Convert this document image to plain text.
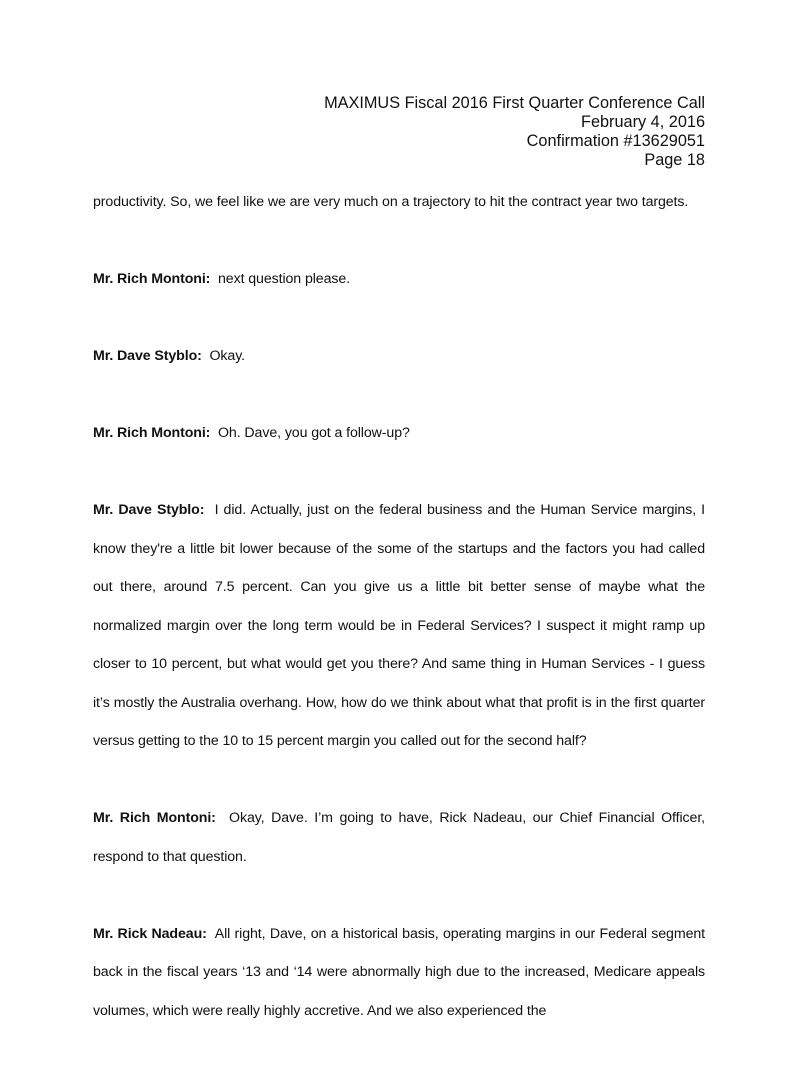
MAXIMUS Fiscal 2016 First Quarter Conference Call
February 4, 2016
Confirmation #13629051
Page 18

productivity. So, we feel like we are very much on a trajectory to hit the contract year two targets.

Mr. Rich Montoni: next question please.

Mr. Dave Styblo: Okay.

Mr. Rich Montoni: Oh. Dave, you got a follow-up?

Mr. Dave Styblo: I did. Actually, just on the federal business and the Human Service margins, I know they're a little bit lower because of the some of the startups and the factors you had called out there, around 7.5 percent. Can you give us a little bit better sense of maybe what the normalized margin over the long term would be in Federal Services? I suspect it might ramp up closer to 10 percent, but what would get you there? And same thing in Human Services - I guess it’s mostly the Australia overhang. How, how do we think about what that profit is in the first quarter versus getting to the 10 to 15 percent margin you called out for the second half?

Mr. Rich Montoni: Okay, Dave. I’m going to have, Rick Nadeau, our Chief Financial Officer, respond to that question.

Mr. Rick Nadeau: All right, Dave, on a historical basis, operating margins in our Federal segment back in the fiscal years ‘13 and ‘14 were abnormally high due to the increased, Medicare appeals volumes, which were really highly accretive. And we also experienced the
